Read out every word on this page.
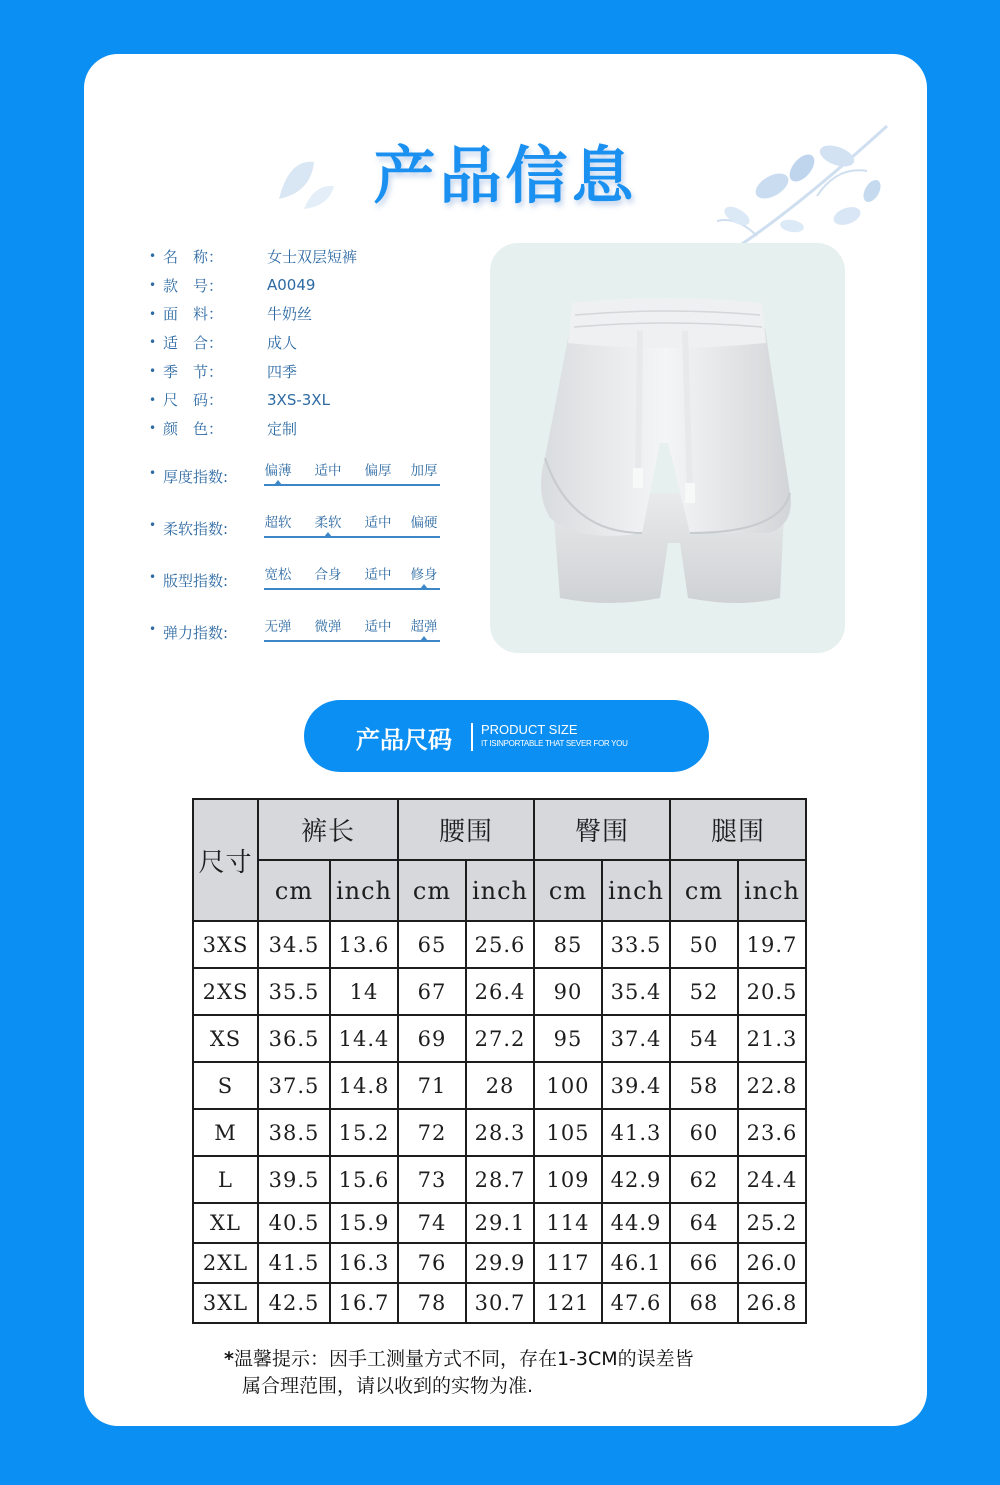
产品信息
• 名　称：	女士双层短裤
• 款　号：	A0049
• 面　料：	牛奶丝
• 适　合：	成人
• 季　节：	四季
• 尺　码：	3XS-3XL
• 颜　色：	定制
• 厚度指数:	偏薄	适中	偏厚	加厚
• 柔软指数:	超软	柔软	适中	偏硬
• 版型指数:	宽松	合身	适中	修身
• 弹力指数:	无弹	微弹	适中	超弹
产品尺码 PRODUCT SIZE
IT ISINPORTABLE THAT SEVER FOR YOU
尺寸	裤长		腰围		臀围		腿围	
	cm	inch	cm	inch	cm	inch	cm	inch
3XS	34.5	13.6	65	25.6	85	33.5	50	19.7
2XS	35.5	14	67	26.4	90	35.4	52	20.5
XS	36.5	14.4	69	27.2	95	37.4	54	21.3
S	37.5	14.8	71	28	100	39.4	58	22.8
M	38.5	15.2	72	28.3	105	41.3	60	23.6
L	39.5	15.6	73	28.7	109	42.9	62	24.4
XL	40.5	15.9	74	29.1	114	44.9	64	25.2
2XL	41.5	16.3	76	29.9	117	46.1	66	26.0
3XL	42.5	16.7	78	30.7	121	47.6	68	26.8
*温馨提示：因手工测量方式不同，存在1-3CM的误差皆
属合理范围，请以收到的实物为准.
